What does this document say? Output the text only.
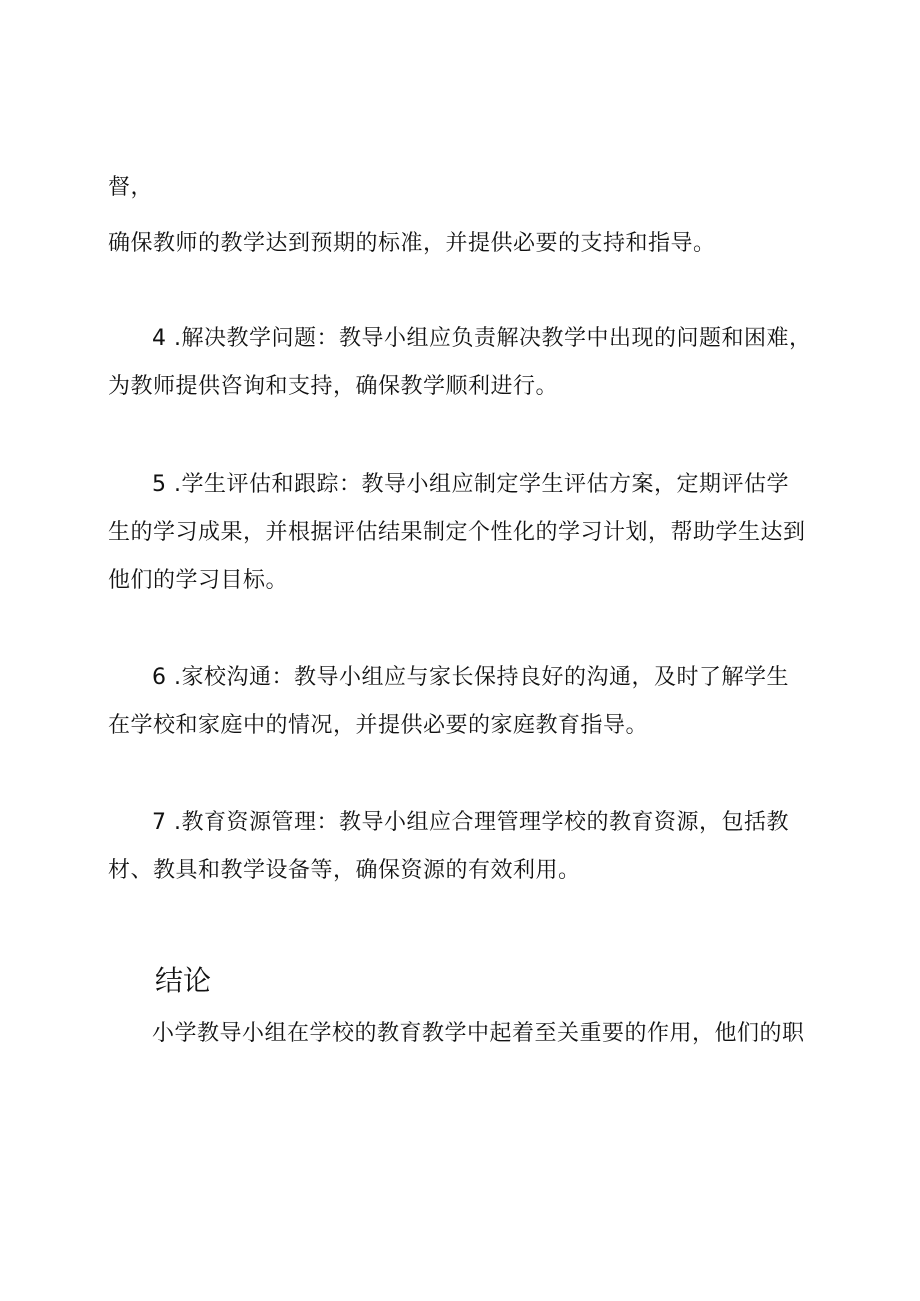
督，
确保教师的教学达到预期的标准，并提供必要的支持和指导。
4 .解决教学问题：教导小组应负责解决教学中出现的问题和困难，
为教师提供咨询和支持，确保教学顺利进行。
5 .学生评估和跟踪：教导小组应制定学生评估方案，定期评估学
生的学习成果，并根据评估结果制定个性化的学习计划，帮助学生达到
他们的学习目标。
6 .家校沟通：教导小组应与家长保持良好的沟通，及时了解学生
在学校和家庭中的情况，并提供必要的家庭教育指导。
7 .教育资源管理：教导小组应合理管理学校的教育资源，包括教
材、教具和教学设备等，确保资源的有效利用。
结论
小学教导小组在学校的教育教学中起着至关重要的作用，他们的职
